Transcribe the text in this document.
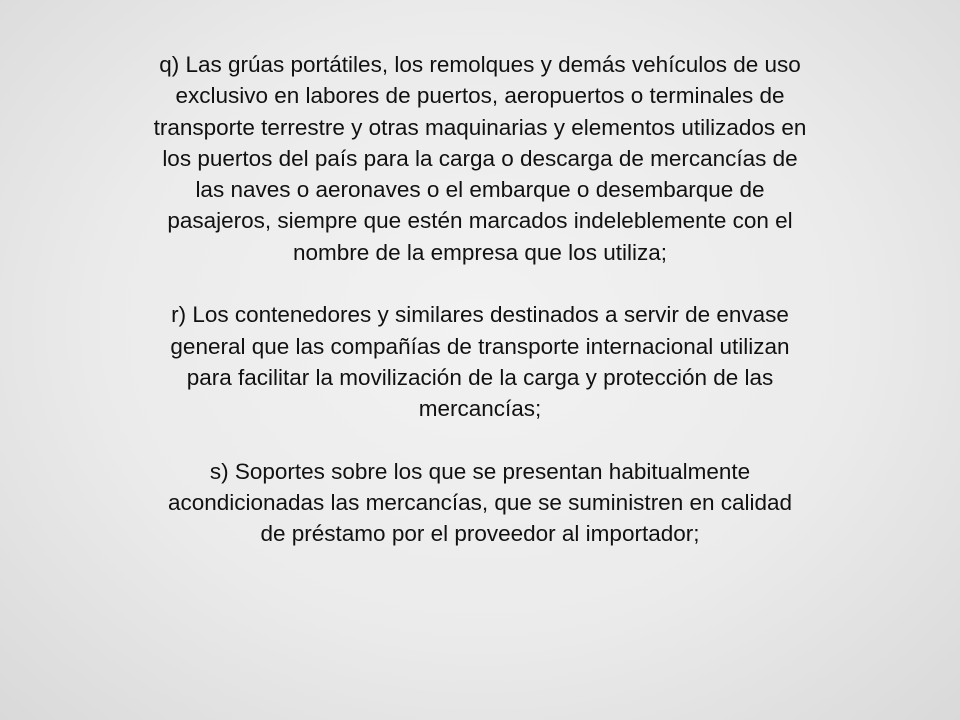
q) Las grúas portátiles, los remolques y demás vehículos de uso
exclusivo en labores de puertos, aeropuertos o terminales de
transporte terrestre y otras maquinarias y elementos utilizados en
los puertos del país para la carga o descarga de mercancías de
las naves o aeronaves o el embarque o desembarque de
pasajeros, siempre que estén marcados indeleblemente con el
nombre de la empresa que los utiliza;

r) Los contenedores y similares destinados a servir de envase
general que las compañías de transporte internacional utilizan
para facilitar la movilización de la carga y protección de las
mercancías;

s) Soportes sobre los que se presentan habitualmente
acondicionadas las mercancías, que se suministren en calidad
de préstamo por el proveedor al importador;
